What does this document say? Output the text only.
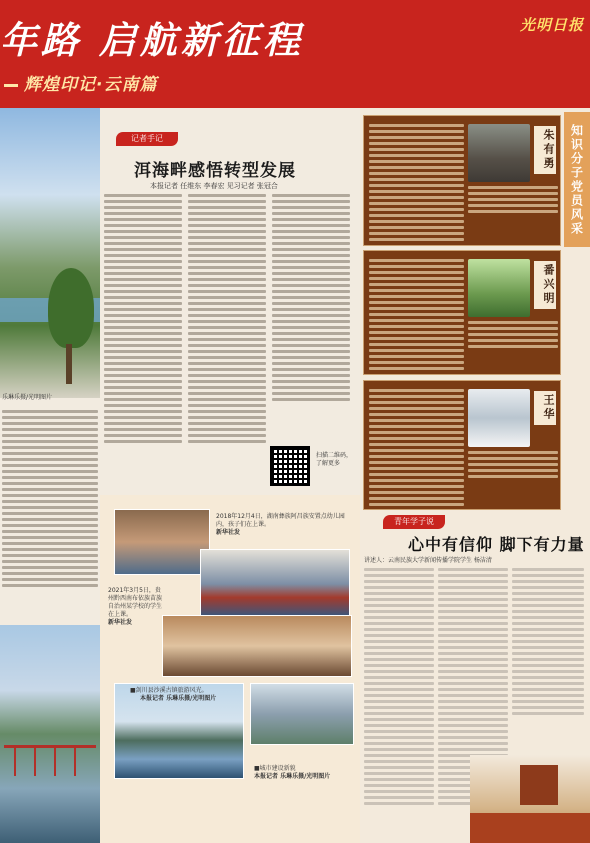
年路 启航新征程
辉煌印记·云南篇
光明日报
乐琳乐摄/光明图片
记者手记
洱海畔感悟转型发展
本报记者 任维东 李春宏 见习记者 张冠合
扫描二维码，了解更多
2018年12月4日，湖南彝族阿昌族安置点幼儿园内，孩子们在上课。
新华社发
2021年3月5日，贵州黔西南布依族苗族自治州某学校的学生在上课。
新华社发
■剑川县沙溪古镇旅游风光。
本报记者 乐琳乐摄/光明图片
■城市建设新貌
本报记者 乐琳乐摄/光明图片
知识分子党员风采
朱有勇
番兴明
王华
青年学子说
心中有信仰 脚下有力量
讲述人：云南民族大学新闻传播学院学生 杨洁清
